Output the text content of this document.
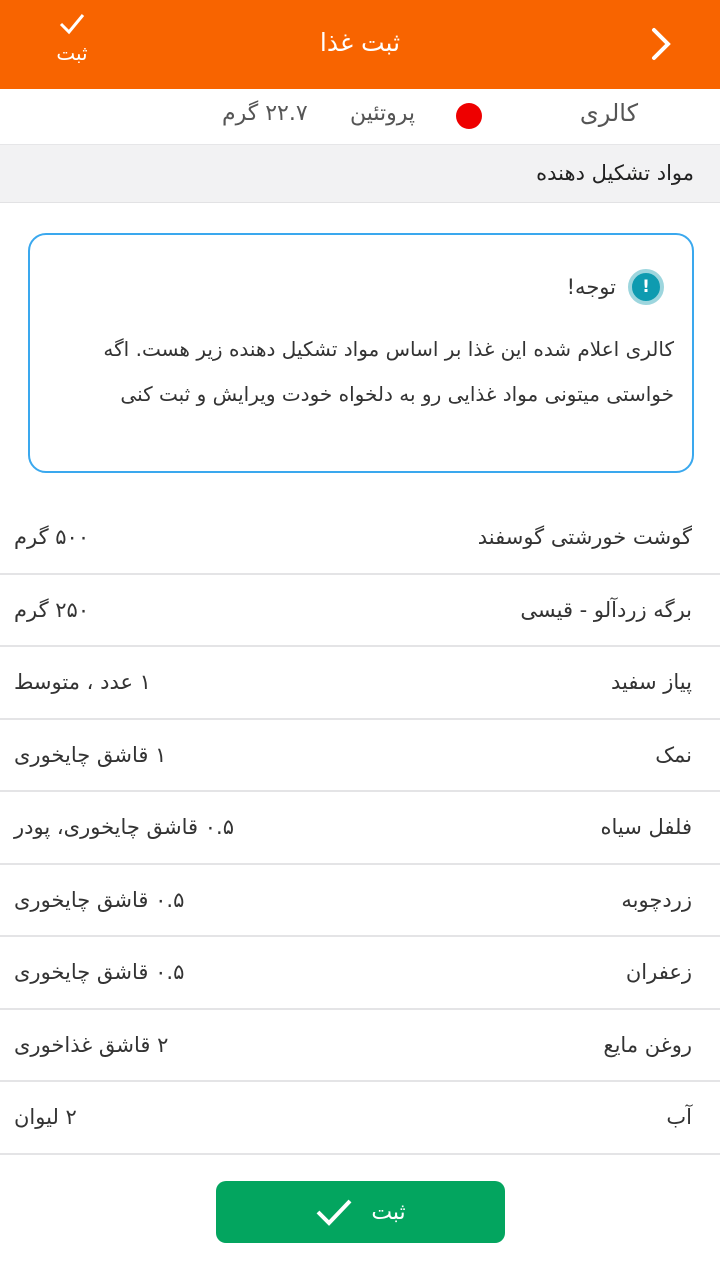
کالری
پروتئین
۲۲.۷ گرم
ثبت غذا
ثبت
مواد تشکیل دهنده
!
توجه!
کالری اعلام شده این غذا بر اساس مواد تشکیل دهنده زیر هست. اگه خواستی میتونی مواد غذایی رو به دلخواه خودت ویرایش و ثبت کنی
گوشت خورشتی گوسفند
۵۰۰ گرم
برگه زردآلو - قیسی
۲۵۰ گرم
پیاز سفید
۱ عدد ، متوسط
نمک
۱ قاشق چایخوری
فلفل سیاه
۰.۵ قاشق چایخوری، پودر
زردچوبه
۰.۵ قاشق چایخوری
زعفران
۰.۵ قاشق چایخوری
روغن مایع
۲ قاشق غذاخوری
آب
۲ لیوان
ثبت
